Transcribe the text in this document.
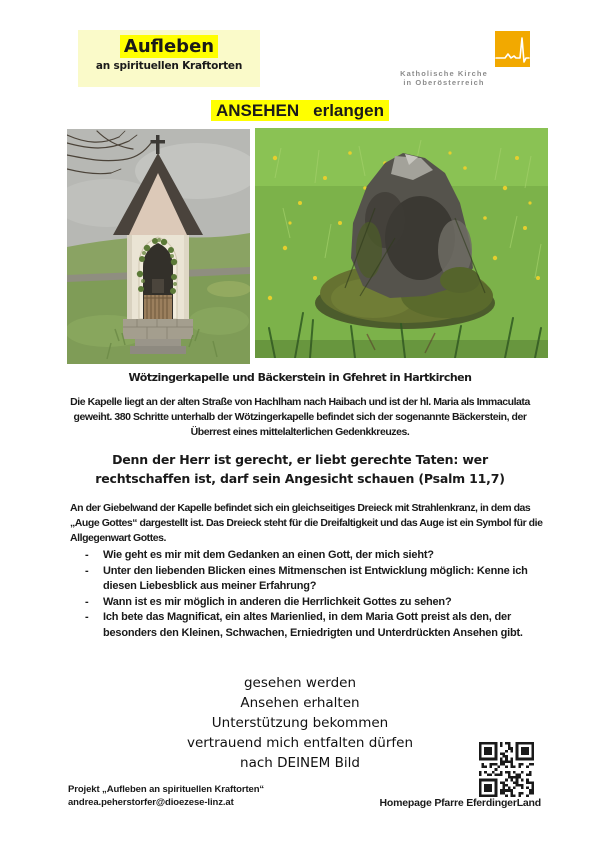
Aufleben
an spirituellen Kraftorten
Katholische Kirche
in Oberösterreich
ANSEHEN erlangen
Wötzingerkapelle und Bäckerstein in Gfehret in Hartkirchen
Die Kapelle liegt an der alten Straße von Hachlham nach Haibach und ist der hl. Maria als Immaculata geweiht. 380 Schritte unterhalb der Wötzingerkapelle befindet sich der sogenannte Bäckerstein, der Überrest eines mittelalterlichen Gedenkkreuzes.
Denn der Herr ist gerecht, er liebt gerechte Taten: wer
rechtschaffen ist, darf sein Angesicht schauen (Psalm 11,7)
An der Giebelwand der Kapelle befindet sich ein gleichseitiges Dreieck mit Strahlenkranz, in dem das „Auge Gottes“ dargestellt ist. Das Dreieck steht für die Dreifaltigkeit und das Auge ist ein Symbol für die Allgegenwart Gottes.
- Wie geht es mir mit dem Gedanken an einen Gott, der mich sieht?
- Unter den liebenden Blicken eines Mitmenschen ist Entwicklung möglich: Kenne ich diesen Liebesblick aus meiner Erfahrung?
- Wann ist es mir möglich in anderen die Herrlichkeit Gottes zu sehen?
- Ich bete das Magnificat, ein altes Marienlied, in dem Maria Gott preist als den, der besonders den Kleinen, Schwachen, Erniedrigten und Unterdrückten Ansehen gibt.
gesehen werden
Ansehen erhalten
Unterstützung bekommen
vertrauend mich entfalten dürfen
nach DEINEM Bild
Projekt „Aufleben an spirituellen Kraftorten“
andrea.peherstorfer@dioezese-linz.at	Homepage Pfarre EferdingerLand
